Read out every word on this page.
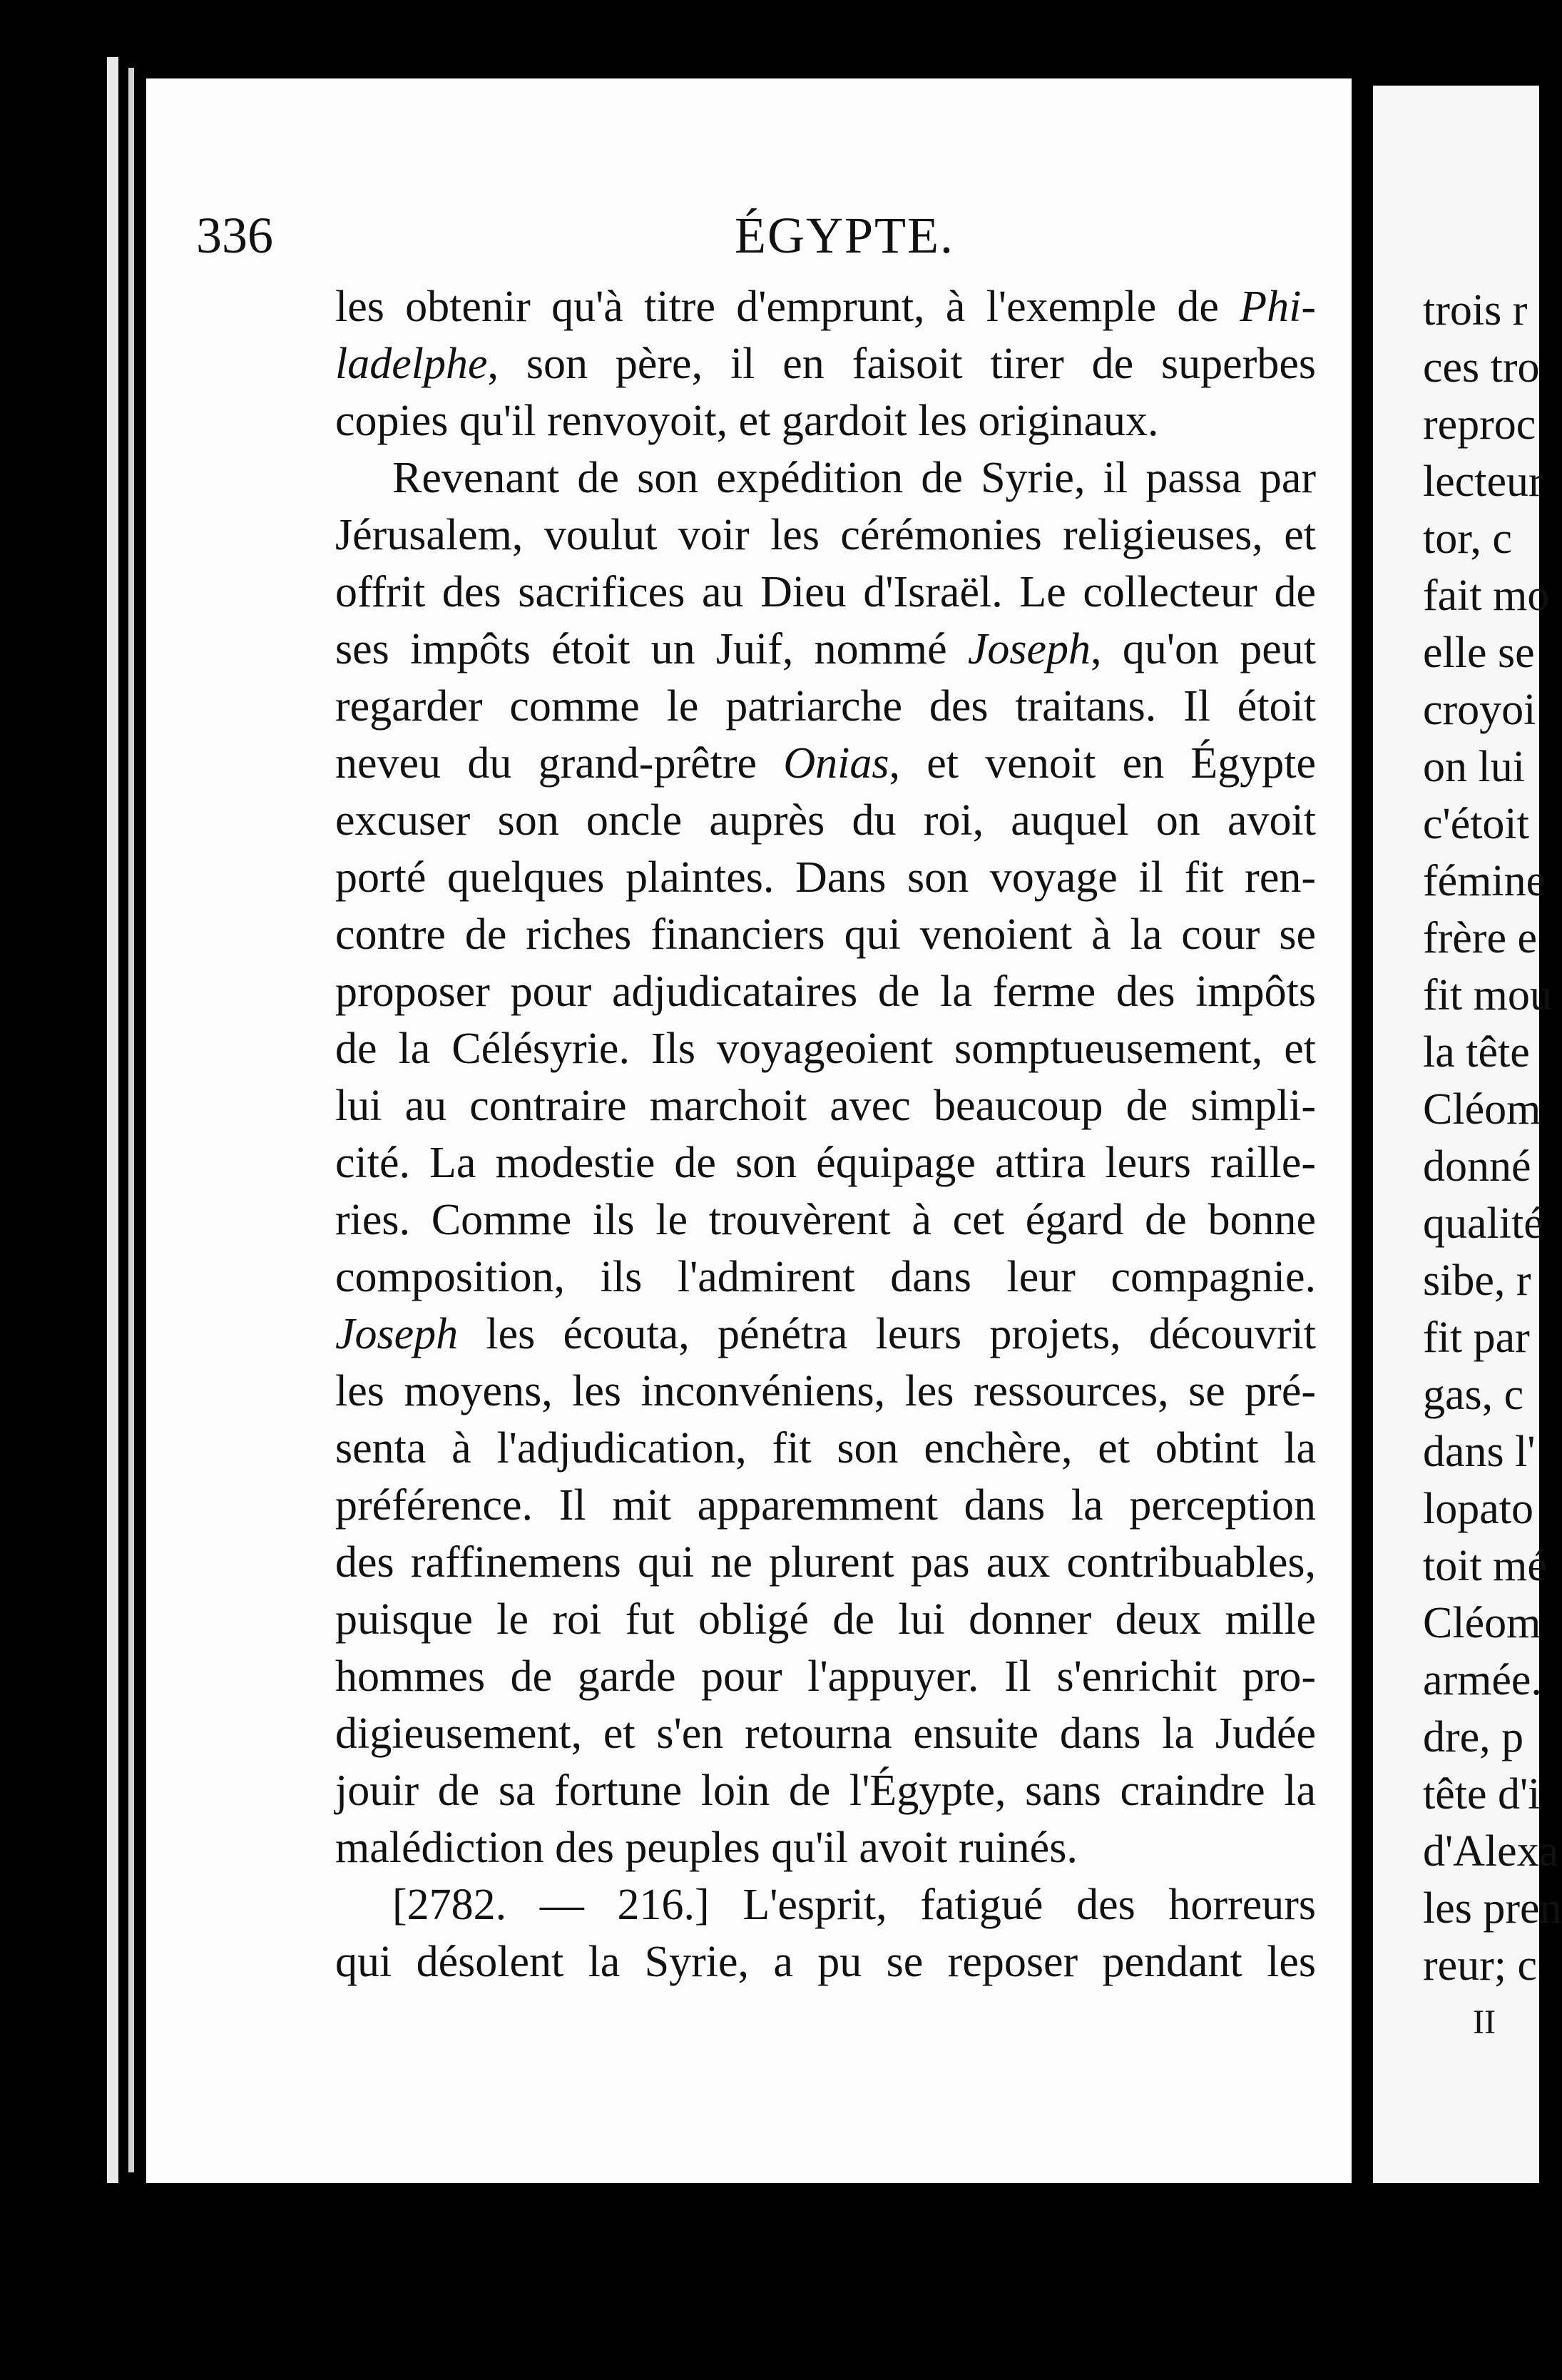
336	ÉGYPTE.
les obtenir qu'à titre d'emprunt, à l'exemple de Phi-
ladelphe, son père, il en faisoit tirer de superbes
copies qu'il renvoyoit, et gardoit les originaux.
Revenant de son expédition de Syrie, il passa par
Jérusalem, voulut voir les cérémonies religieuses, et
offrit des sacrifices au Dieu d'Israël. Le collecteur de
ses impôts étoit un Juif, nommé Joseph, qu'on peut
regarder comme le patriarche des traitans. Il étoit
neveu du grand-prêtre Onias, et venoit en Égypte
excuser son oncle auprès du roi, auquel on avoit
porté quelques plaintes. Dans son voyage il fit ren-
contre de riches financiers qui venoient à la cour se
proposer pour adjudicataires de la ferme des impôts
de la Célésyrie. Ils voyageoient somptueusement, et
lui au contraire marchoit avec beaucoup de simpli-
cité. La modestie de son équipage attira leurs raille-
ries. Comme ils le trouvèrent à cet égard de bonne
composition, ils l'admirent dans leur compagnie.
Joseph les écouta, pénétra leurs projets, découvrit
les moyens, les inconvéniens, les ressources, se pré-
senta à l'adjudication, fit son enchère, et obtint la
préférence. Il mit apparemment dans la perception
des raffinemens qui ne plurent pas aux contribuables,
puisque le roi fut obligé de lui donner deux mille
hommes de garde pour l'appuyer. Il s'enrichit pro-
digieusement, et s'en retourna ensuite dans la Judée
jouir de sa fortune loin de l'Égypte, sans craindre la
malédiction des peuples qu'il avoit ruinés.
[2782. — 216.] L'esprit, fatigué des horreurs
qui désolent la Syrie, a pu se reposer pendant les
trois r
ces tro
reproc
lecteur
tor, c
fait mo
elle se
croyoi
on lui
c'étoit
fémine
frère e
fit mou
la tête
Cléom
donné
qualité
sibe, r
fit par
gas, c
dans l'
lopato
toit mé
Cléom
armée.
dre, p
tête d'i
d'Alexa
les pren
reur; c
II
